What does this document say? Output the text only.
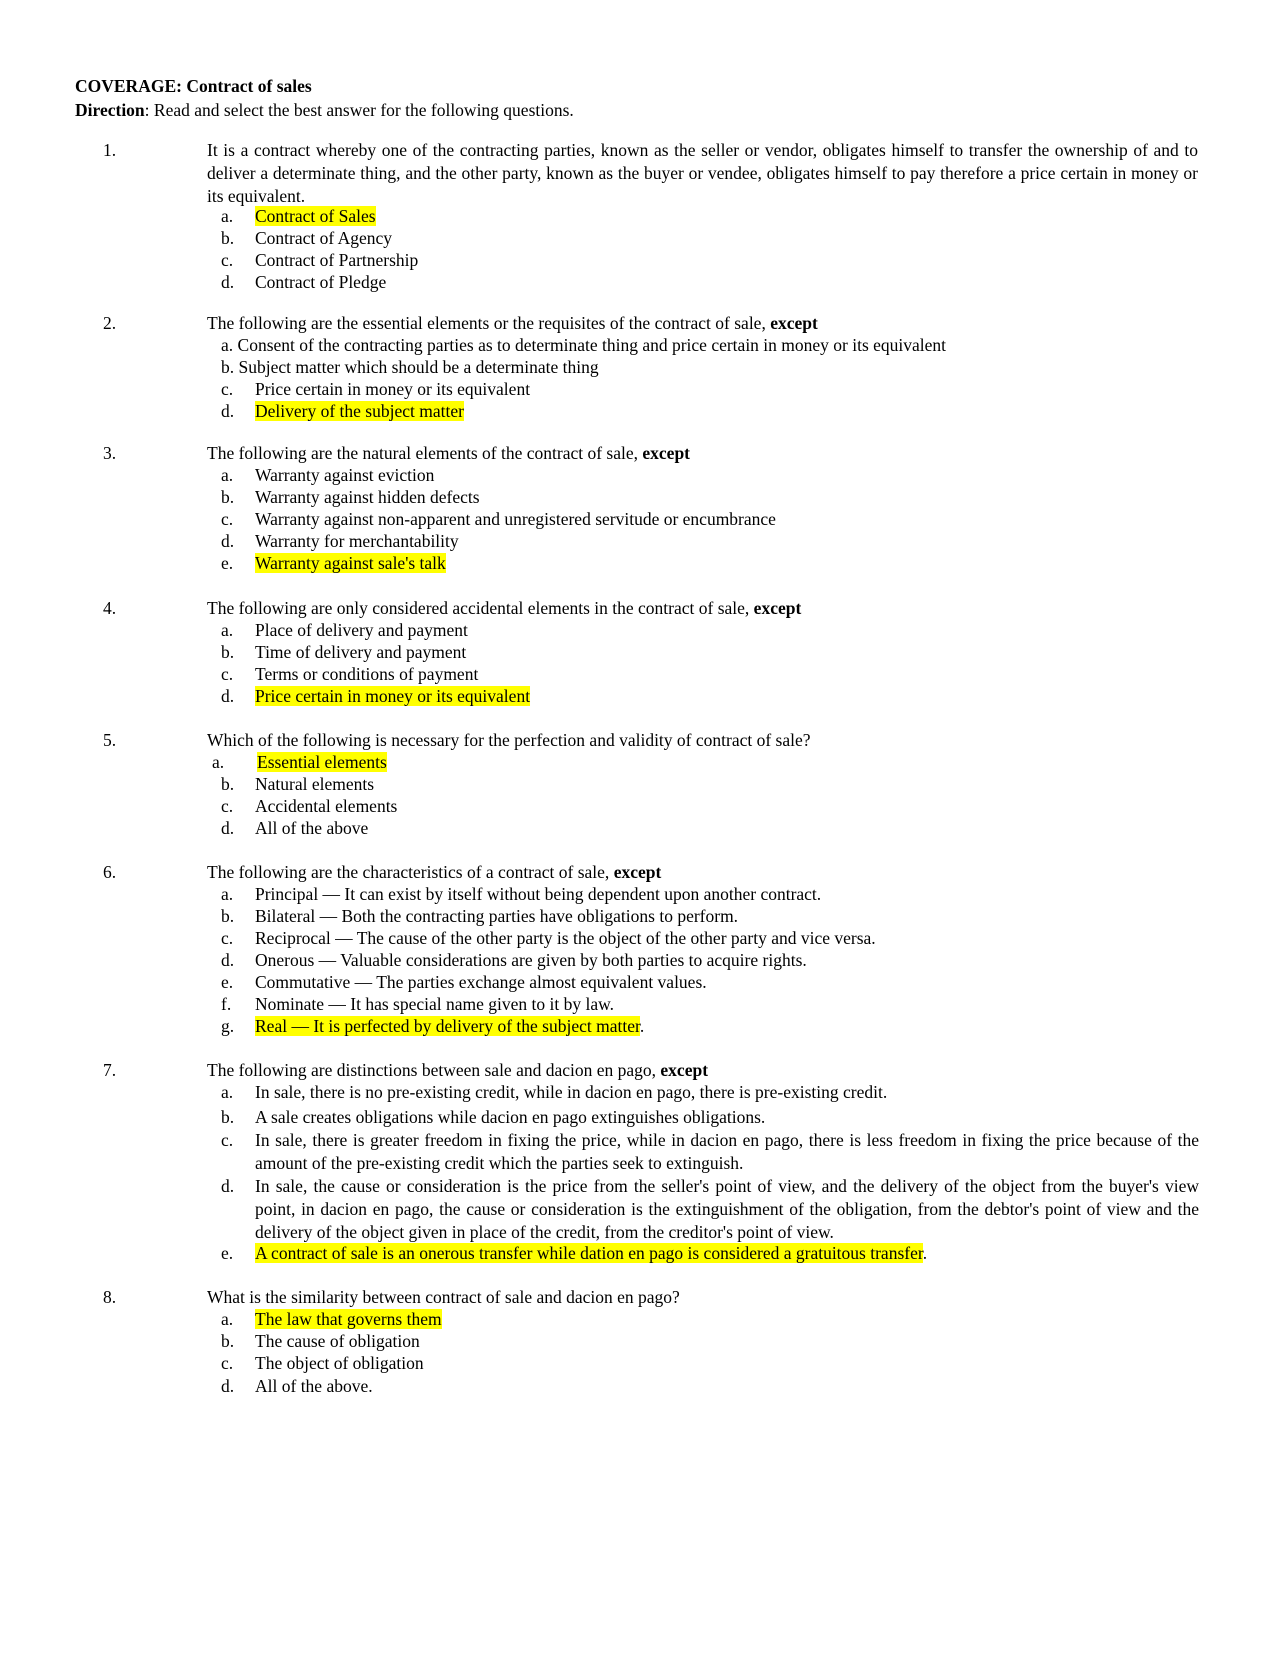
COVERAGE: Contract of sales
Direction: Read and select the best answer for the following questions.
1.	It is a contract whereby one of the contracting parties, known as the seller or vendor, obligates himself to transfer the ownership of and to deliver a determinate thing, and the other party, known as the buyer or vendee, obligates himself to pay therefore a price certain in money or its equivalent.
a.	Contract of Sales
b.	Contract of Agency
c.	Contract of Partnership
d.	Contract of Pledge
2.	The following are the essential elements or the requisites of the contract of sale, except
a. Consent of the contracting parties as to determinate thing and price certain in money or its equivalent
b. Subject matter which should be a determinate thing
c.	Price certain in money or its equivalent
d.	Delivery of the subject matter
3.	The following are the natural elements of the contract of sale, except
a.	Warranty against eviction
b.	Warranty against hidden defects
c.	Warranty against non-apparent and unregistered servitude or encumbrance
d.	Warranty for merchantability
e.	Warranty against sale's talk
4.	The following are only considered accidental elements in the contract of sale, except
a.	Place of delivery and payment
b.	Time of delivery and payment
c.	Terms or conditions of payment
d.	Price certain in money or its equivalent
5.	Which of the following is necessary for the perfection and validity of contract of sale?
a.	Essential elements
b.	Natural elements
c.	Accidental elements
d.	All of the above
6.	The following are the characteristics of a contract of sale, except
a.	Principal — It can exist by itself without being dependent upon another contract.
b.	Bilateral — Both the contracting parties have obligations to perform.
c.	Reciprocal — The cause of the other party is the object of the other party and vice versa.
d.	Onerous — Valuable considerations are given by both parties to acquire rights.
e.	Commutative — The parties exchange almost equivalent values.
f.	Nominate — It has special name given to it by law.
g.	Real — It is perfected by delivery of the subject matter.
7.	The following are distinctions between sale and dacion en pago, except
a.	In sale, there is no pre-existing credit, while in dacion en pago, there is pre-existing credit.
b.	A sale creates obligations while dacion en pago extinguishes obligations.
c.	In sale, there is greater freedom in fixing the price, while in dacion en pago, there is less freedom in fixing the price because of the amount of the pre-existing credit which the parties seek to extinguish.
d.	In sale, the cause or consideration is the price from the seller's point of view, and the delivery of the object from the buyer's view point, in dacion en pago, the cause or consideration is the extinguishment of the obligation, from the debtor's point of view and the delivery of the object given in place of the credit, from the creditor's point of view.
e.	A contract of sale is an onerous transfer while dation en pago is considered a gratuitous transfer.
8.	What is the similarity between contract of sale and dacion en pago?
a.	The law that governs them
b.	The cause of obligation
c.	The object of obligation
d.	All of the above.
